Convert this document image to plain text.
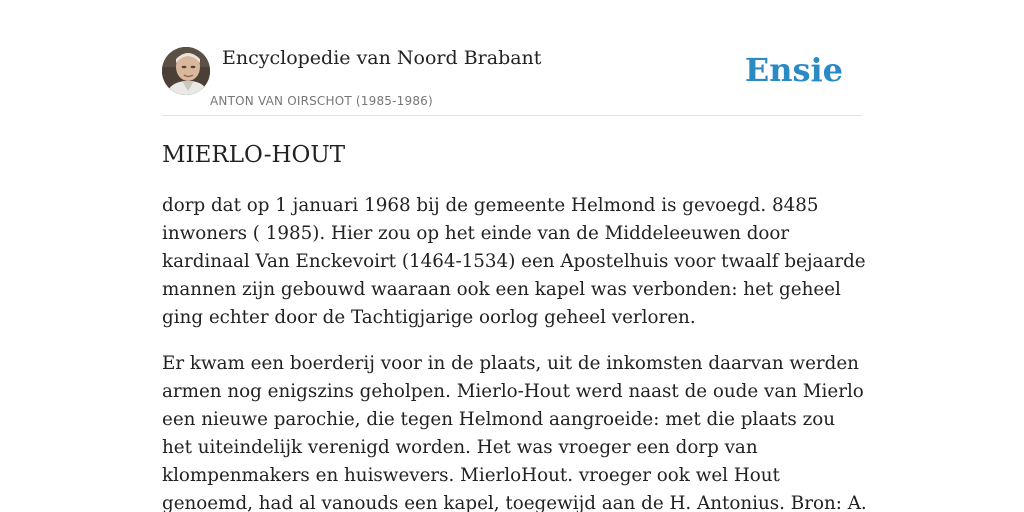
Encyclopedie van Noord Brabant
ANTON VAN OIRSCHOT (1985-1986)
Ensie
MIERLO-HOUT

dorp dat op 1 januari 1968 bij de gemeente Helmond is gevoegd. 8485 inwoners ( 1985). Hier zou op het einde van de Middeleeuwen door kardinaal Van Enckevoirt (1464-1534) een Apostelhuis voor twaalf bejaarde mannen zijn gebouwd waaraan ook een kapel was verbonden: het geheel ging echter door de Tachtigjarige oorlog geheel verloren.

Er kwam een boerderij voor in de plaats, uit de inkomsten daarvan werden armen nog enigszins geholpen. Mierlo-Hout werd naast de oude van Mierlo een nieuwe parochie, die tegen Helmond aangroeide: met die plaats zou het uiteindelijk verenigd worden. Het was vroeger een dorp van klompenmakers en huiswevers. MierloHout. vroeger ook wel Hout genoemd, had al vanouds een kapel, toegewijd aan de H. Antonius. Bron: A.
